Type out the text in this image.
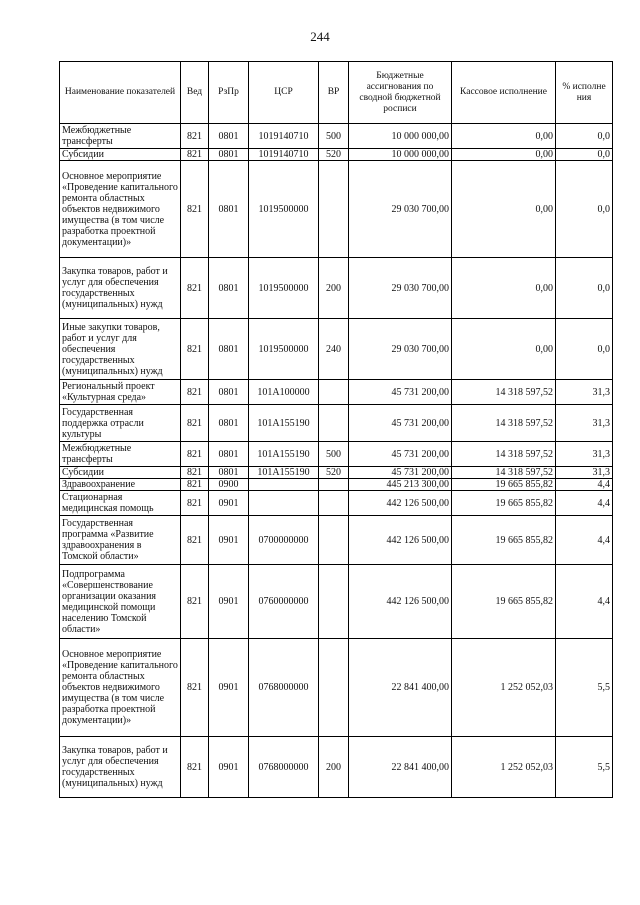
244
Наименование показателей	Вед	РзПр	ЦСР	ВР	Бюджетные ассигнования по сводной бюджетной росписи	Кассовое исполнение	% исполне ния
Межбюджетные трансферты	821	0801	1019140710	500	10 000 000,00	0,00	0,0
Субсидии	821	0801	1019140710	520	10 000 000,00	0,00	0,0
Основное мероприятие «Проведение капитального ремонта областных объектов недвижимого имущества (в том числе разработка проектной документации)»	821	0801	1019500000		29 030 700,00	0,00	0,0
Закупка товаров, работ и услуг для обеспечения государственных (муниципальных) нужд	821	0801	1019500000	200	29 030 700,00	0,00	0,0
Иные закупки товаров, работ и услуг для обеспечения государственных (муниципальных) нужд	821	0801	1019500000	240	29 030 700,00	0,00	0,0
Региональный проект «Культурная среда»	821	0801	101A100000		45 731 200,00	14 318 597,52	31,3
Государственная поддержка отрасли культуры	821	0801	101A155190		45 731 200,00	14 318 597,52	31,3
Межбюджетные трансферты	821	0801	101A155190	500	45 731 200,00	14 318 597,52	31,3
Субсидии	821	0801	101A155190	520	45 731 200,00	14 318 597,52	31,3
Здравоохранение	821	0900			445 213 300,00	19 665 855,82	4,4
Стационарная медицинская помощь	821	0901			442 126 500,00	19 665 855,82	4,4
Государственная программа «Развитие здравоохранения в Томской области»	821	0901	0700000000		442 126 500,00	19 665 855,82	4,4
Подпрограмма «Совершенствование организации оказания медицинской помощи населению Томской области»	821	0901	0760000000		442 126 500,00	19 665 855,82	4,4
Основное мероприятие «Проведение капитального ремонта областных объектов недвижимого имущества (в том числе разработка проектной документации)»	821	0901	0768000000		22 841 400,00	1 252 052,03	5,5
Закупка товаров, работ и услуг для обеспечения государственных (муниципальных) нужд	821	0901	0768000000	200	22 841 400,00	1 252 052,03	5,5
